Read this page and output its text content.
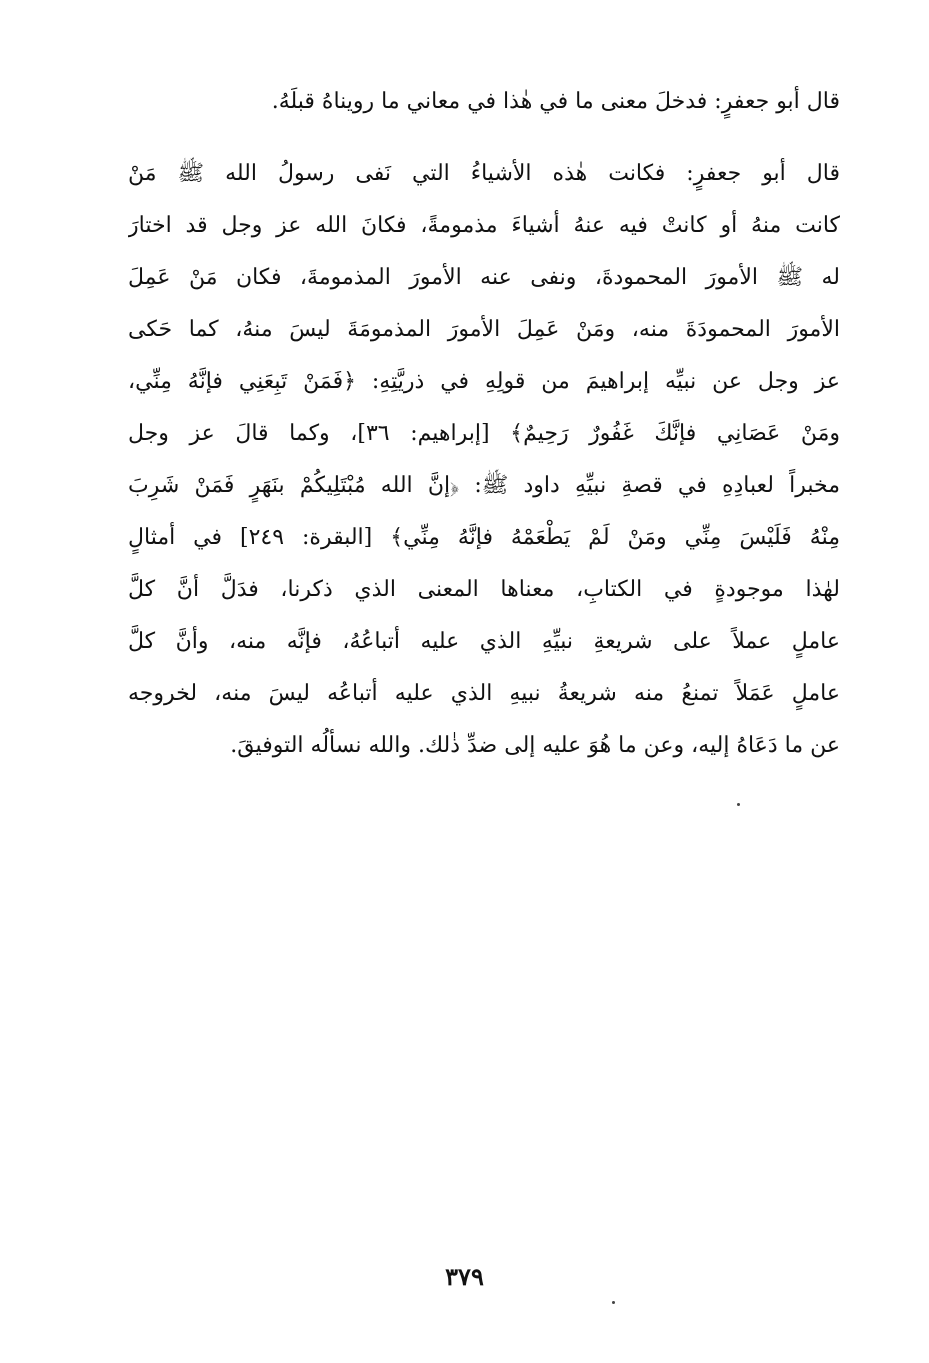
قال أبو جعفرٍ: فدخلَ معنى ما في هٰذا في معاني ما رويناهُ قبلَهُ.
قال أبو جعفرٍ: فكانت هٰذه الأشياءُ التي نَفى رسولُ الله ﷺ مَنْ
كانت منهُ أو كانتْ فيه عنهُ أشياءَ مذمومةً، فكانَ الله عز وجل قد اختارَ
له ﷺ الأمورَ المحمودةَ، ونفى عنه الأمورَ المذمومةَ، فكان مَنْ عَمِلَ
الأمورَ المحمودَةَ منه، ومَنْ عَمِلَ الأمورَ المذمومَةَ ليسَ منهُ، كما حَكى
عز وجل عن نبيِّه إبراهيمَ من قولِهِ في ذريَّتِهِ: ﴿فَمَنْ تَبِعَنِي فإنَّهُ مِنِّي،
ومَنْ عَصَانِي فإنَّكَ غَفُورٌ رَحِيمٌ﴾ [إبراهيم: ٣٦]، وكما قالَ عز وجل
مخبراً لعبادِهِ في قصةِ نبيِّهِ داود ﷺ: ﴿إنَّ الله مُبْتَلِيكُمْ بنَهَرٍ فَمَنْ شَرِبَ
مِنْهُ فَلَيْسَ مِنِّي ومَنْ لَمْ يَطْعَمْهُ فإنَّهُ مِنِّي﴾ [البقرة: ٢٤٩] في أمثالٍ
لهٰذا موجودةٍ في الكتابِ، معناها المعنى الذي ذكرنا، فدَلَّ أنَّ كلَّ
عاملٍ عملاً على شريعةِ نبيِّهِ الذي عليه أتباعُهُ، فإنَّه منه، وأنَّ كلَّ
عاملٍ عَمَلاً تمنعُ منه شريعةُ نبيهِ الذي عليه أتباعُه ليسَ منه، لخروجه
عن ما دَعَاهُ إليه، وعن ما هُوَ عليه إلى ضدِّ ذٰلك. والله نسألُه التوفيقَ.
٣٧٩
